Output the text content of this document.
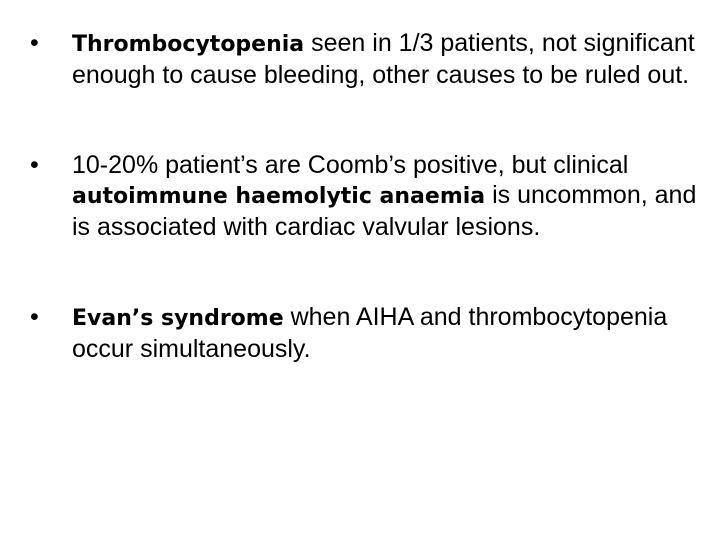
• Thrombocytopenia seen in 1/3 patients, not significant enough to cause bleeding, other causes to be ruled out.
• 10-20% patient’s are Coomb’s positive, but clinical autoimmune haemolytic anaemia is uncommon, and is associated with cardiac valvular lesions.
• Evan’s syndrome when AIHA and thrombocytopenia occur simultaneously.
